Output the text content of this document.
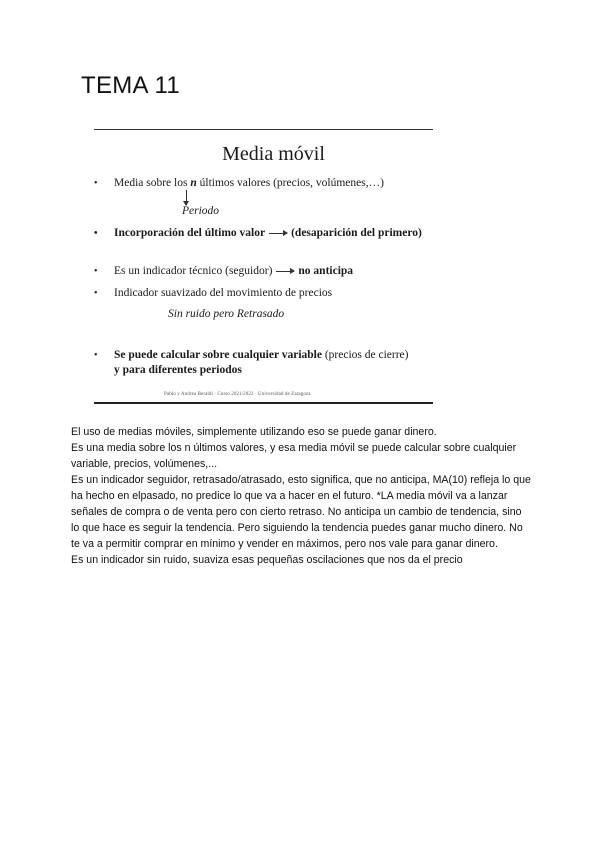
TEMA 11
Media móvil
• Media sobre los n últimos valores (precios, volúmenes,…)
Periodo
• Incorporación del último valor (desaparición del primero)
• Es un indicador técnico (seguidor) no anticipa
• Indicador suavizado del movimiento de precios
Sin ruido pero Retrasado
• Se puede calcular sobre cualquier variable (precios de cierre)
y para diferentes periodos
Pablo y Andrea Beraldi · Curso 2021/2022 · Universidad de Zaragoza

El uso de medias móviles, simplemente utilizando eso se puede ganar dinero.

Es una media sobre los n últimos valores, y esa media móvil se puede calcular sobre cualquier variable, precios, volúmenes,...

Es un indicador seguidor, retrasado/atrasado, esto significa, que no anticipa, MA(10) refleja lo que ha hecho en elpasado, no predice lo que va a hacer en el futuro. *LA media móvil va a lanzar señales de compra o de venta pero con cierto retraso. No anticipa un cambio de tendencia, sino lo que hace es seguir la tendencia. Pero siguiendo la tendencia puedes ganar mucho dinero. No te va a permitir comprar en mínimo y vender en máximos, pero nos vale para ganar dinero.

Es un indicador sin ruido, suaviza esas pequeñas oscilaciones que nos da el precio
